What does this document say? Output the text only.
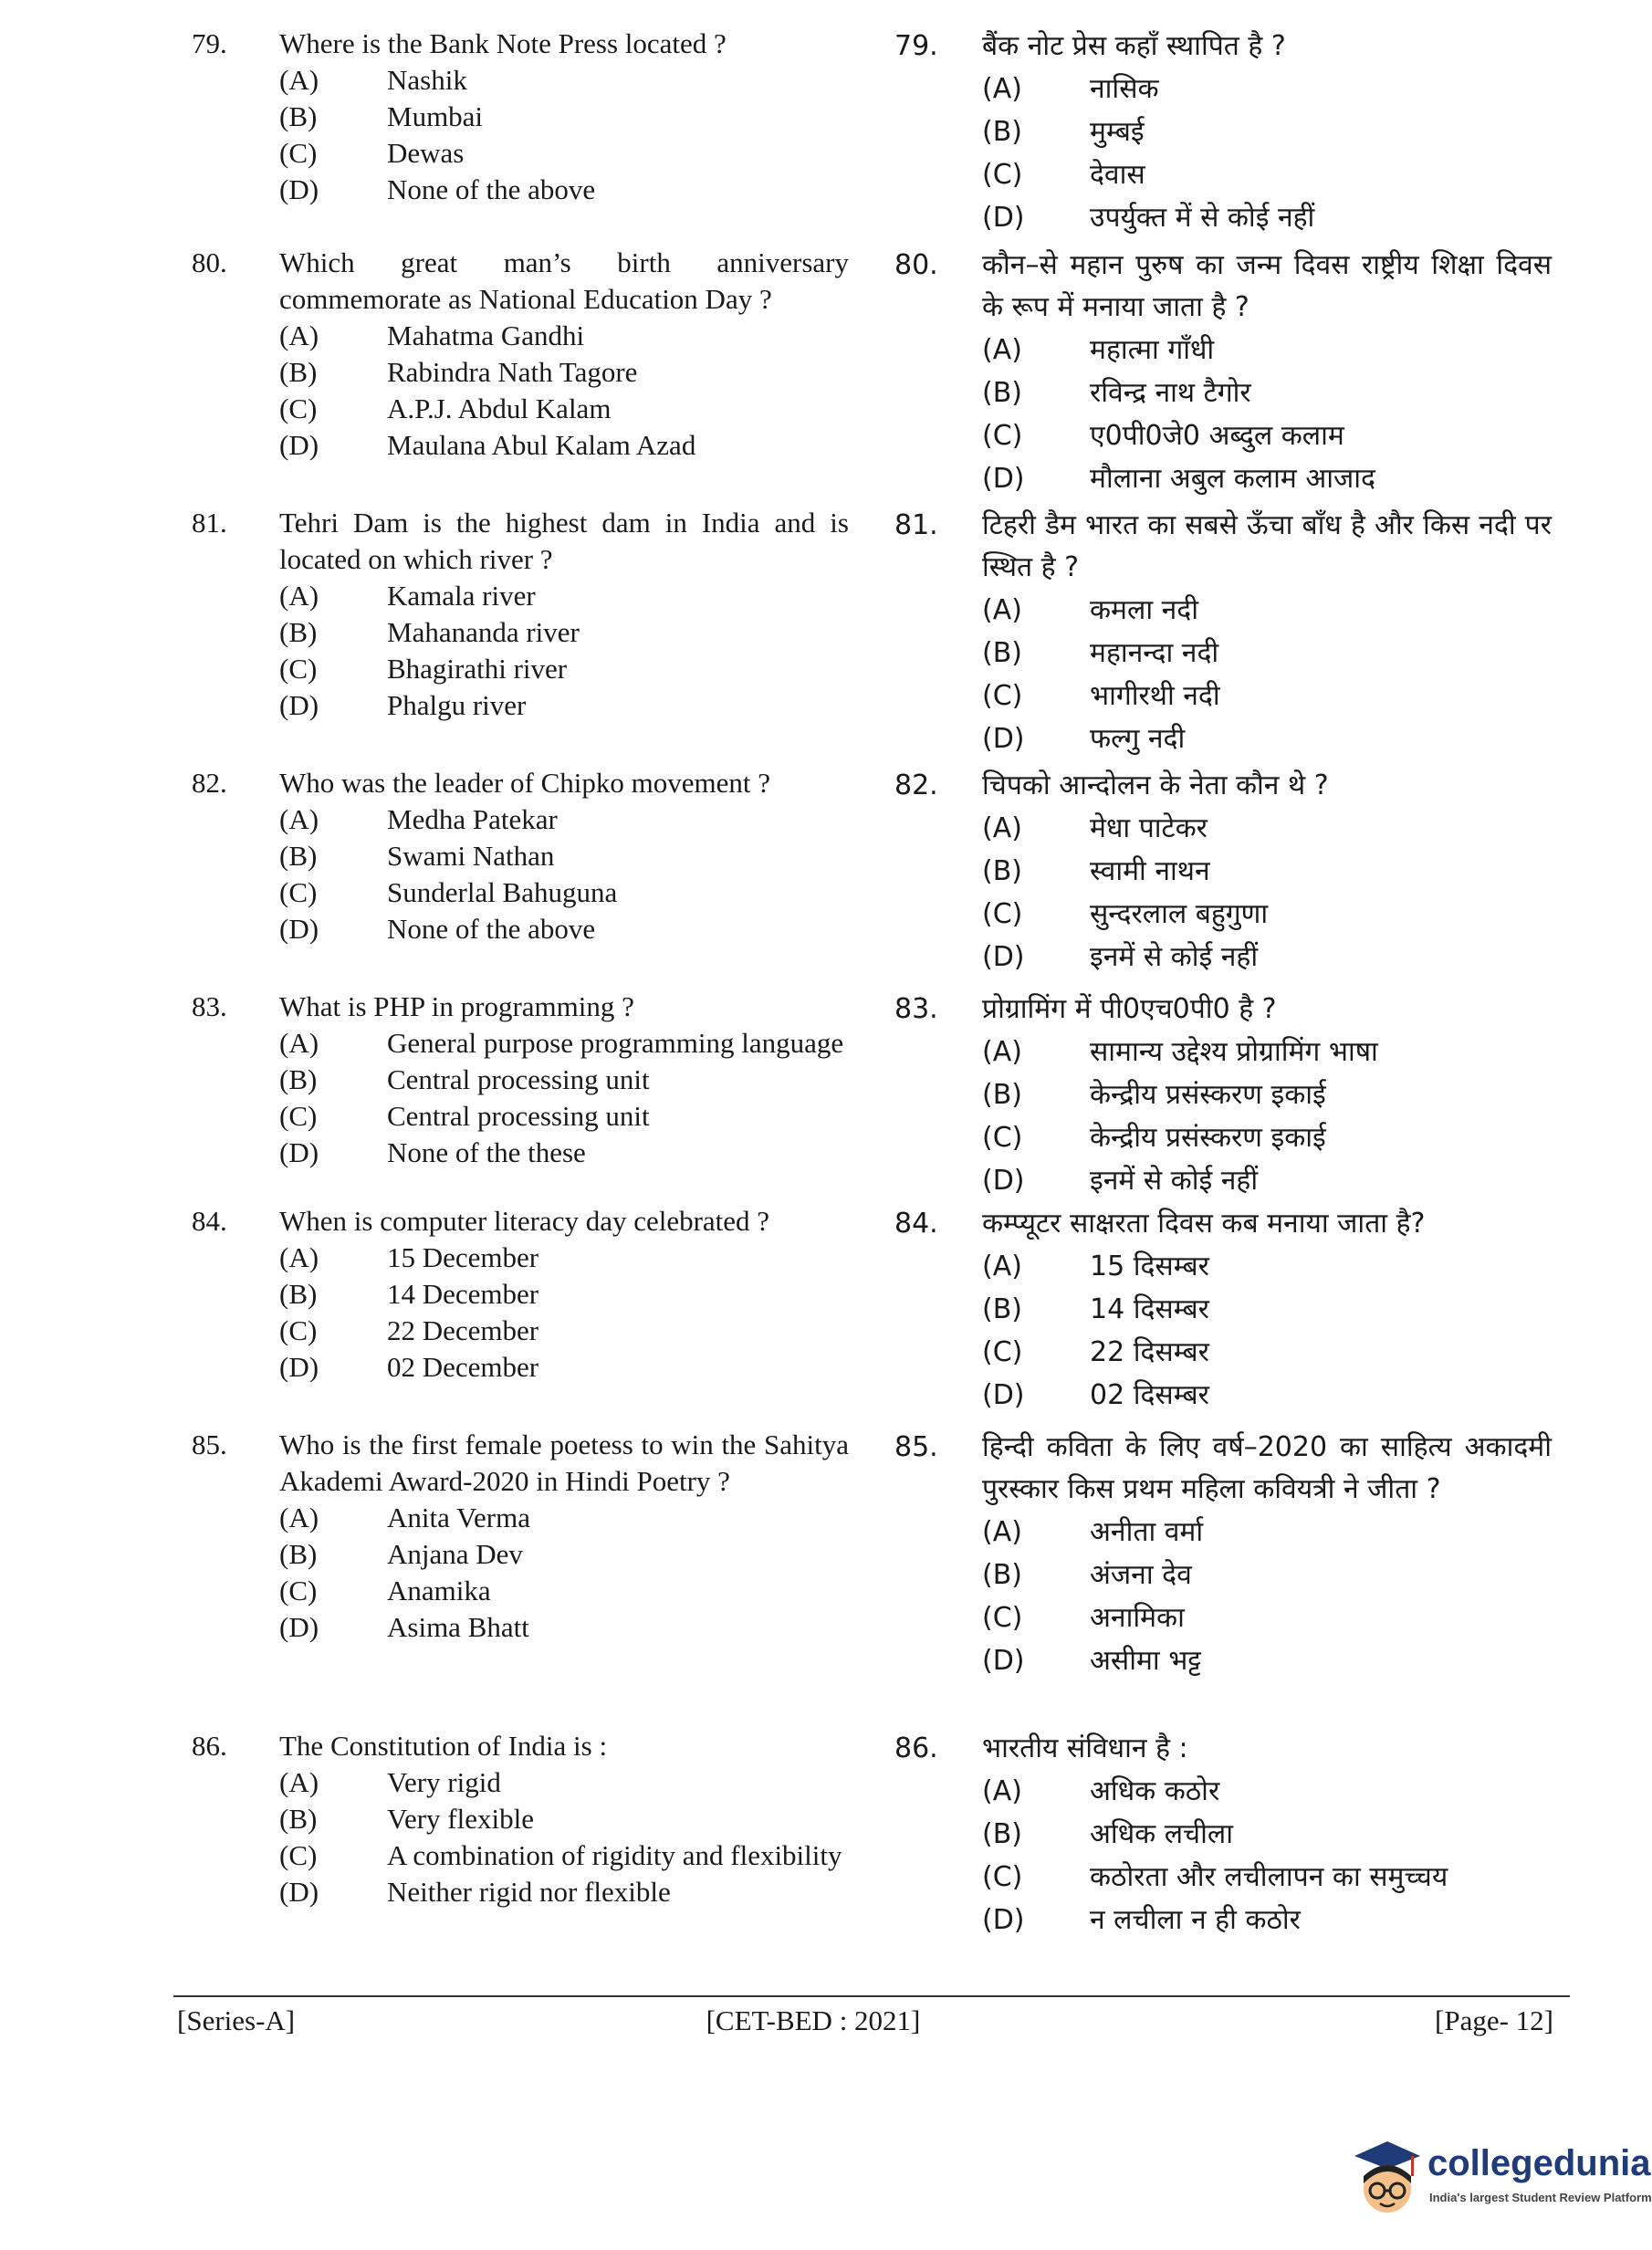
79.	Where is the Bank Note Press located ?
(A)	Nashik
(B)	Mumbai
(C)	Dewas
(D)	None of the above
80.	Which great man’s birth anniversary commemorate as National Education Day ?
(A)	Mahatma Gandhi
(B)	Rabindra Nath Tagore
(C)	A.P.J. Abdul Kalam
(D)	Maulana Abul Kalam Azad
81.	Tehri Dam is the highest dam in India and is located on which river ?
(A)	Kamala river
(B)	Mahananda river
(C)	Bhagirathi river
(D)	Phalgu river
82.	Who was the leader of Chipko movement ?
(A)	Medha Patekar
(B)	Swami Nathan
(C)	Sunderlal Bahuguna
(D)	None of the above
83.	What is PHP in programming ?
(A)	General purpose programming language
(B)	Central processing unit
(C)	Central processing unit
(D)	None of the these
84.	When is computer literacy day celebrated ?
(A)	15 December
(B)	14 December
(C)	22 December
(D)	02 December
85.	Who is the first female poetess to win the Sahitya Akademi Award-2020 in Hindi Poetry ?
(A)	Anita Verma
(B)	Anjana Dev
(C)	Anamika
(D)	Asima Bhatt
86.	The Constitution of India is :
(A)	Very rigid
(B)	Very flexible
(C)	A combination of rigidity and flexibility
(D)	Neither rigid nor flexible
79.	बैंक नोट प्रेस कहाँ स्थापित है ?
(A)	नासिक
(B)	मुम्बई
(C)	देवास
(D)	उपर्युक्त में से कोई नहीं
80.	कौन–से महान पुरुष का जन्म दिवस राष्ट्रीय शिक्षा दिवस के रूप में मनाया जाता है ?
(A)	महात्मा गाँधी
(B)	रविन्द्र नाथ टैगोर
(C)	ए0पी0जे0 अब्दुल कलाम
(D)	मौलाना अबुल कलाम आजाद
81.	टिहरी डैम भारत का सबसे ऊँचा बाँध है और किस नदी पर स्थित है ?
(A)	कमला नदी
(B)	महानन्दा नदी
(C)	भागीरथी नदी
(D)	फल्गु नदी
82.	चिपको आन्दोलन के नेता कौन थे ?
(A)	मेधा पाटेकर
(B)	स्वामी नाथन
(C)	सुन्दरलाल बहुगुणा
(D)	इनमें से कोई नहीं
83.	प्रोग्रामिंग में पी0एच0पी0 है ?
(A)	सामान्य उद्देश्य प्रोग्रामिंग भाषा
(B)	केन्द्रीय प्रसंस्करण इकाई
(C)	केन्द्रीय प्रसंस्करण इकाई
(D)	इनमें से कोई नहीं
84.	कम्प्यूटर साक्षरता दिवस कब मनाया जाता है?
(A)	15 दिसम्बर
(B)	14 दिसम्बर
(C)	22 दिसम्बर
(D)	02 दिसम्बर
85.	हिन्दी कविता के लिए वर्ष–2020 का साहित्य अकादमी पुरस्कार किस प्रथम महिला कवियत्री ने जीता ?
(A)	अनीता वर्मा
(B)	अंजना देव
(C)	अनामिका
(D)	असीमा भट्ट
86.	भारतीय संविधान है :
(A)	अधिक कठोर
(B)	अधिक लचीला
(C)	कठोरता और लचीलापन का समुच्चय
(D)	न लचीला न ही कठोर
[Series-A]	[CET-BED : 2021]	[Page- 12]
collegedunia
India's largest Student Review Platform
